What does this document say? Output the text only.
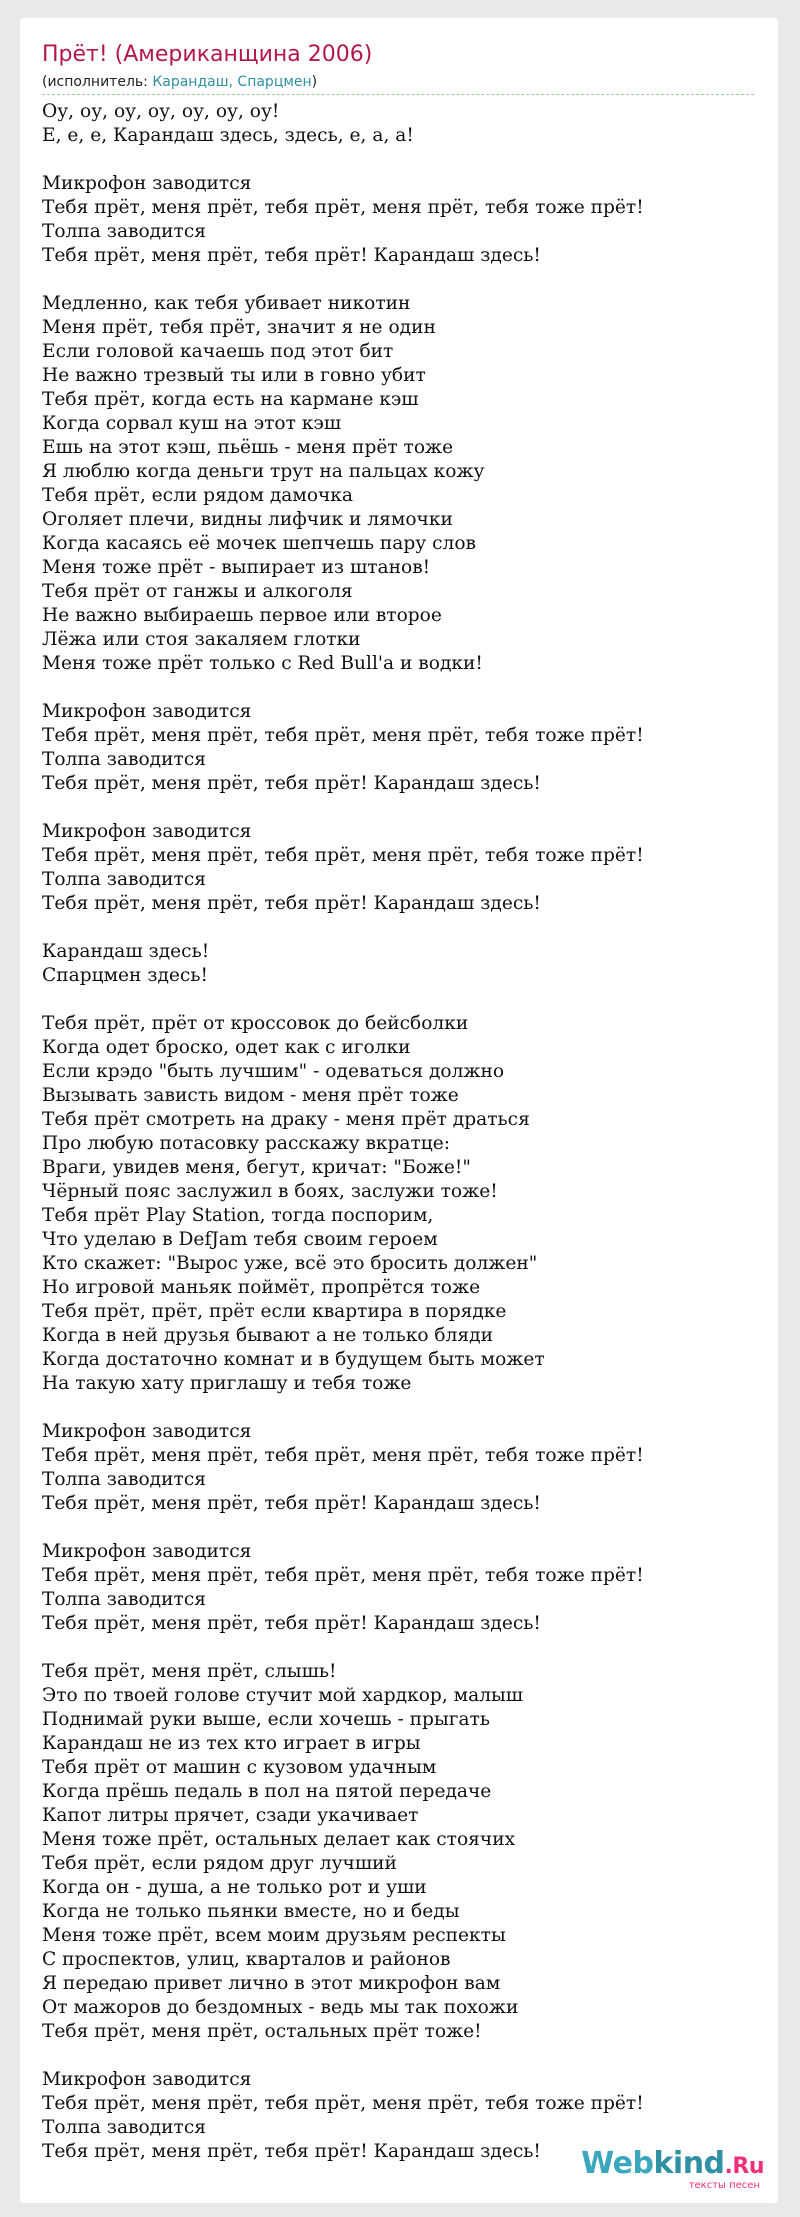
Прёт! (Американщина 2006)
(исполнитель: Карандаш, Спарцмен)
Оу, оу, оу, оу, оу, оу, оу!
Е, е, е, Карандаш здесь, здесь, е, а, а!
Микрофон заводится
Тебя прёт, меня прёт, тебя прёт, меня прёт, тебя тоже прёт!
Толпа заводится
Тебя прёт, меня прёт, тебя прёт! Карандаш здесь!
Медленно, как тебя убивает никотин
Меня прёт, тебя прёт, значит я не один
Если головой качаешь под этот бит
Не важно трезвый ты или в говно убит
Тебя прёт, когда есть на кармане кэш
Когда сорвал куш на этот кэш
Ешь на этот кэш, пьёшь - меня прёт тоже
Я люблю когда деньги трут на пальцах кожу
Тебя прёт, если рядом дамочка
Оголяет плечи, видны лифчик и лямочки
Когда касаясь её мочек шепчешь пару слов
Меня тоже прёт - выпирает из штанов!
Тебя прёт от ганжы и алкоголя
Не важно выбираешь первое или второе
Лёжа или стоя закаляем глотки
Меня тоже прёт только с Red Bull'а и водки!
Микрофон заводится
Тебя прёт, меня прёт, тебя прёт, меня прёт, тебя тоже прёт!
Толпа заводится
Тебя прёт, меня прёт, тебя прёт! Карандаш здесь!
Микрофон заводится
Тебя прёт, меня прёт, тебя прёт, меня прёт, тебя тоже прёт!
Толпа заводится
Тебя прёт, меня прёт, тебя прёт! Карандаш здесь!
Карандаш здесь!
Спарцмен здесь!
Тебя прёт, прёт от кроссовок до бейсболки
Когда одет броско, одет как с иголки
Если крэдо "быть лучшим" - одеваться должно
Вызывать зависть видом - меня прёт тоже
Тебя прёт смотреть на драку - меня прёт драться
Про любую потасовку расскажу вкратце:
Враги, увидев меня, бегут, кричат: "Боже!"
Чёрный пояс заслужил в боях, заслужи тоже!
Тебя прёт Play Station, тогда поспорим,
Что уделаю в DefJam тебя своим героем
Кто скажет: "Вырос уже, всё это бросить должен"
Но игровой маньяк поймёт, пропрётся тоже
Тебя прёт, прёт, прёт если квартира в порядке
Когда в ней друзья бывают а не только бляди
Когда достаточно комнат и в будущем быть может
На такую хату приглашу и тебя тоже
Микрофон заводится
Тебя прёт, меня прёт, тебя прёт, меня прёт, тебя тоже прёт!
Толпа заводится
Тебя прёт, меня прёт, тебя прёт! Карандаш здесь!
Микрофон заводится
Тебя прёт, меня прёт, тебя прёт, меня прёт, тебя тоже прёт!
Толпа заводится
Тебя прёт, меня прёт, тебя прёт! Карандаш здесь!
Тебя прёт, меня прёт, слышь!
Это по твоей голове стучит мой хардкор, малыш
Поднимай руки выше, если хочешь - прыгать
Карандаш не из тех кто играет в игры
Тебя прёт от машин с кузовом удачным
Когда прёшь педаль в пол на пятой передаче
Капот литры прячет, сзади укачивает
Меня тоже прёт, остальных делает как стоячих
Тебя прёт, если рядом друг лучший
Когда он - душа, а не только рот и уши
Когда не только пьянки вместе, но и беды
Меня тоже прёт, всем моим друзьям респекты
С проспектов, улиц, кварталов и районов
Я передаю привет лично в этот микрофон вам
От мажоров до бездомных - ведь мы так похожи
Тебя прёт, меня прёт, остальных прёт тоже!
Микрофон заводится
Тебя прёт, меня прёт, тебя прёт, меня прёт, тебя тоже прёт!
Толпа заводится
Тебя прёт, меня прёт, тебя прёт! Карандаш здесь!	Webkind.Ru
тексты песен
